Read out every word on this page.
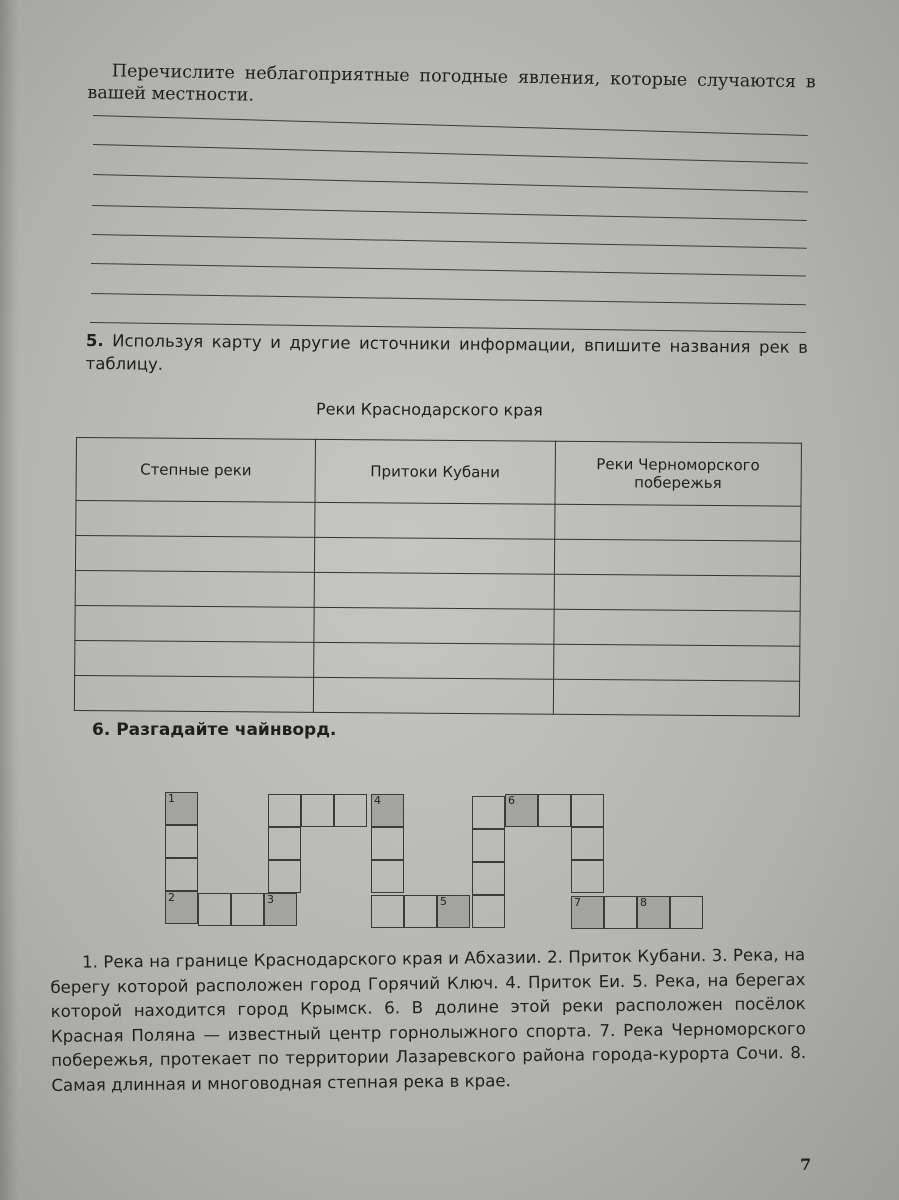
Перечислите неблагоприятные погодные явления, которые случаются в вашей местности.
5. Используя карту и другие источники информации, впишите названия рек в таблицу.
Реки Краснодарского края
Степные реки	Притоки Кубани	Реки Черноморского побережья

6. Разгадайте чайнворд.
1
2	3
4
5
6
7	8
1. Река на границе Краснодарского края и Абхазии. 2. Приток Кубани. 3. Река, на берегу которой расположен город Горячий Ключ. 4. Приток Еи. 5. Река, на берегах которой находится город Крымск. 6. В долине этой реки расположен посёлок Красная Поляна — известный центр горнолыжного спорта. 7. Река Черноморского побережья, протекает по территории Лазаревского района города-курорта Сочи. 8. Самая длинная и многоводная степная река в крае.
7
